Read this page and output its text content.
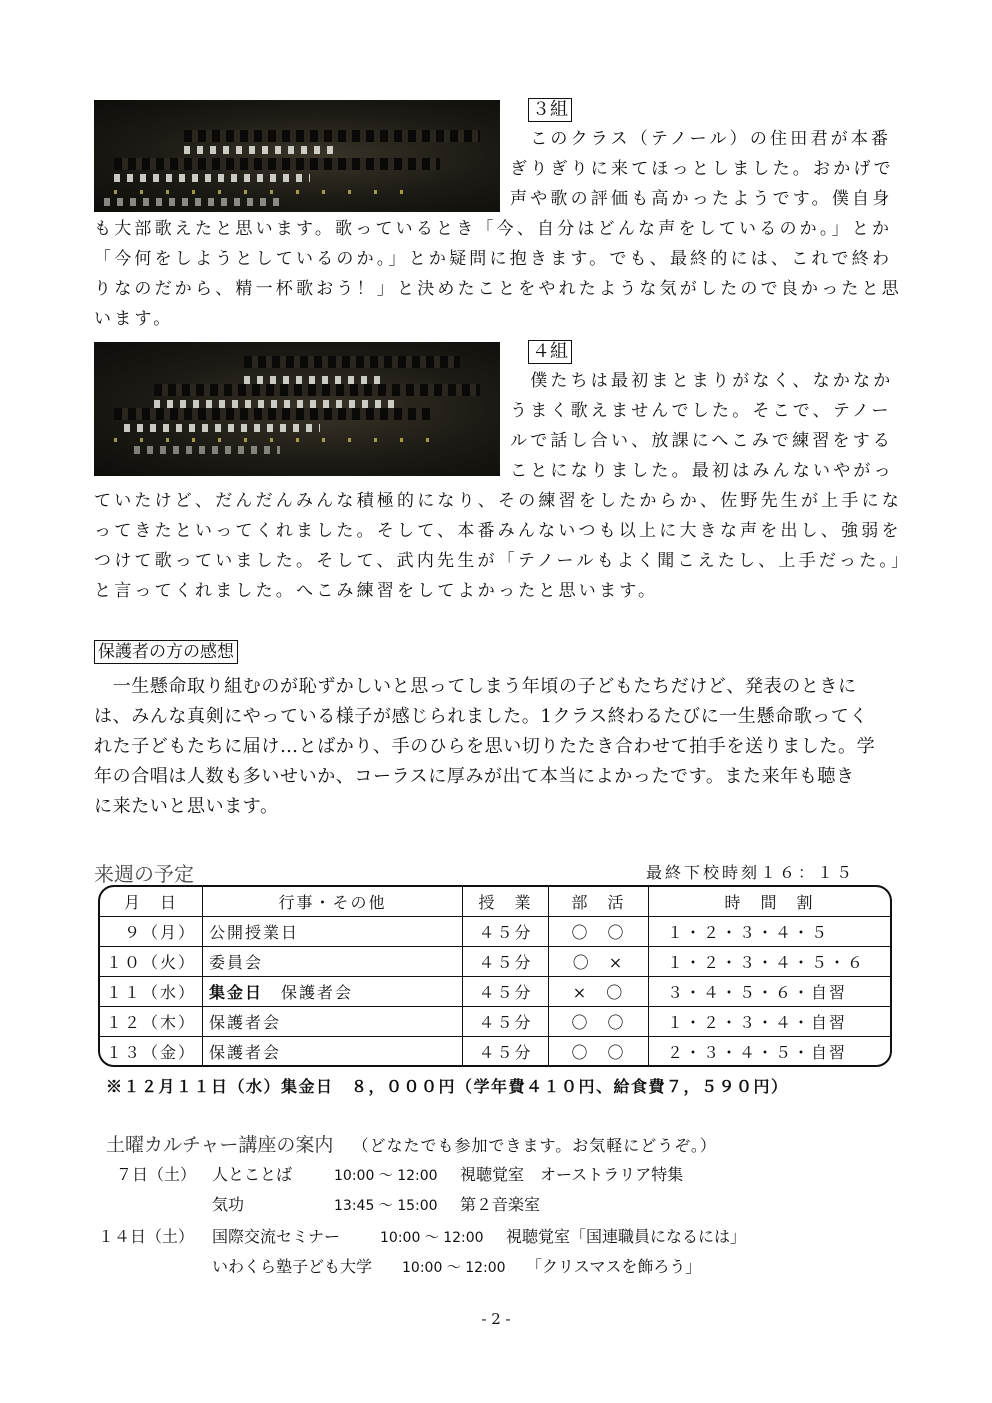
３組
　このクラス（テノール）の住田君が本番
ぎりぎりに来てほっとしました。おかげで
声や歌の評価も高かったようです。僕自身
も大部歌えたと思います。歌っているとき「今、自分はどんな声をしているのか。」とか
「今何をしようとしているのか。」とか疑問に抱きます。でも、最終的には、これで終わ
りなのだから、精一杯歌おう！」と決めたことをやれたような気がしたので良かったと思
います。
４組
　僕たちは最初まとまりがなく、なかなか
うまく歌えませんでした。そこで、テノー
ルで話し合い、放課にへこみで練習をする
ことになりました。最初はみんないやがっ
ていたけど、だんだんみんな積極的になり、その練習をしたからか、佐野先生が上手にな
ってきたといってくれました。そして、本番みんないつも以上に大きな声を出し、強弱を
つけて歌っていました。そして、武内先生が「テノールもよく聞こえたし、上手だった。」
と言ってくれました。へこみ練習をしてよかったと思います。
保護者の方の感想
　一生懸命取り組むのが恥ずかしいと思ってしまう年頃の子どもたちだけど、発表のときに
は、みんな真剣にやっている様子が感じられました。1クラス終わるたびに一生懸命歌ってく
れた子どもたちに届け…とばかり、手のひらを思い切りたたき合わせて拍手を送りました。学
年の合唱は人数も多いせいか、コーラスに厚みが出て本当によかったです。また来年も聴き
に来たいと思います。
来週の予定	最終下校時刻１６：１５
月　日	行事・その他	授　業	部　活	時　間　割
９（月）	公開授業日	４５分	〇　〇	１・２・３・４・５
１０（火）	委員会	４５分	〇　×	１・２・３・４・５・６
１１（水）	集金日　保護者会	４５分	×　〇	３・４・５・６・自習
１２（木）	保護者会	４５分	〇　〇	１・２・３・４・自習
１３（金）	保護者会	４５分	〇　〇	２・３・４・５・自習
※１２月１１日（水）集金日　８，０００円（学年費４１０円、給食費７，５９０円）
土曜カルチャー講座の案内 （どなたでも参加できます。お気軽にどうぞ。）
７日（土） 人とことば	10:00 ～ 12:00 視聴覚室　オーストラリア特集
気功	13:45 ～ 15:00 第２音楽室
１４日（土） 国際交流セミナー	10:00 ～ 12:00 視聴覚室「国連職員になるには」
いわくら塾子ども大学 10:00 ～ 12:00 「クリスマスを飾ろう」
- 2 -
